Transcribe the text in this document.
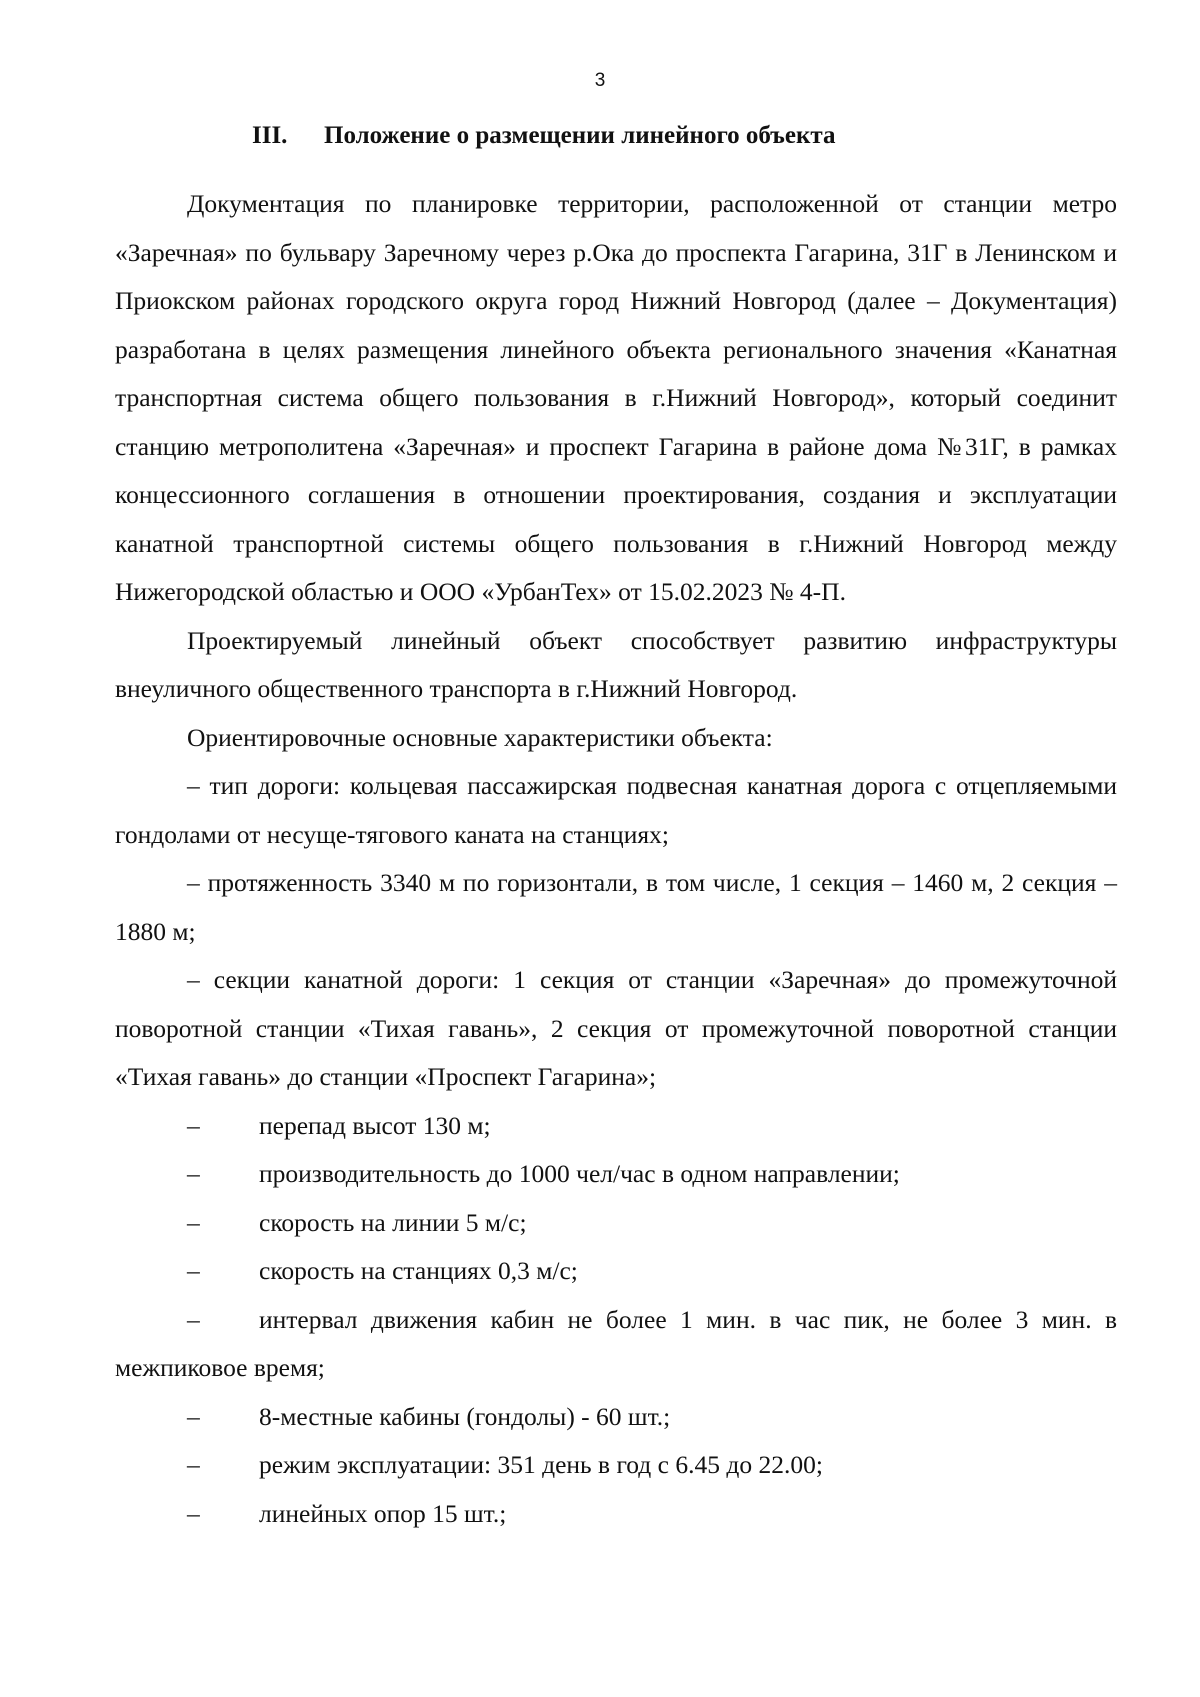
3
III. Положение о размещении линейного объекта

Документация по планировке территории, расположенной от станции метро «Заречная» по бульвару Заречному через р.Ока до проспекта Гагарина, 31Г в Ленинском и Приокском районах городского округа город Нижний Новгород (далее – Документация) разработана в целях размещения линейного объекта регионального значения «Канатная транспортная система общего пользования в г.Нижний Новгород», который соединит станцию метрополитена «Заречная» и проспект Гагарина в районе дома №31Г, в рамках концессионного соглашения в отношении проектирования, создания и эксплуатации канатной транспортной системы общего пользования в г.Нижний Новгород между Нижегородской областью и ООО «УрбанТех» от 15.02.2023 № 4-П.

Проектируемый линейный объект способствует развитию инфраструктуры внеуличного общественного транспорта в г.Нижний Новгород.

Ориентировочные основные характеристики объекта:

– тип дороги: кольцевая пассажирская подвесная канатная дорога с отцепляемыми гондолами от несуще-тягового каната на станциях;

– протяженность 3340 м по горизонтали, в том числе, 1 секция – 1460 м, 2 секция – 1880 м;

– секции канатной дороги: 1 секция от станции «Заречная» до промежуточной поворотной станции «Тихая гавань», 2 секция от промежуточной поворотной станции «Тихая гавань» до станции «Проспект Гагарина»;

– перепад высот 130 м;

– производительность до 1000 чел/час в одном направлении;

– скорость на линии 5 м/с;

– скорость на станциях 0,3 м/с;

– интервал движения кабин не более 1 мин. в час пик, не более 3 мин. в межпиковое время;

– 8-местные кабины (гондолы) - 60 шт.;

– режим эксплуатации: 351 день в год с 6.45 до 22.00;

– линейных опор 15 шт.;
